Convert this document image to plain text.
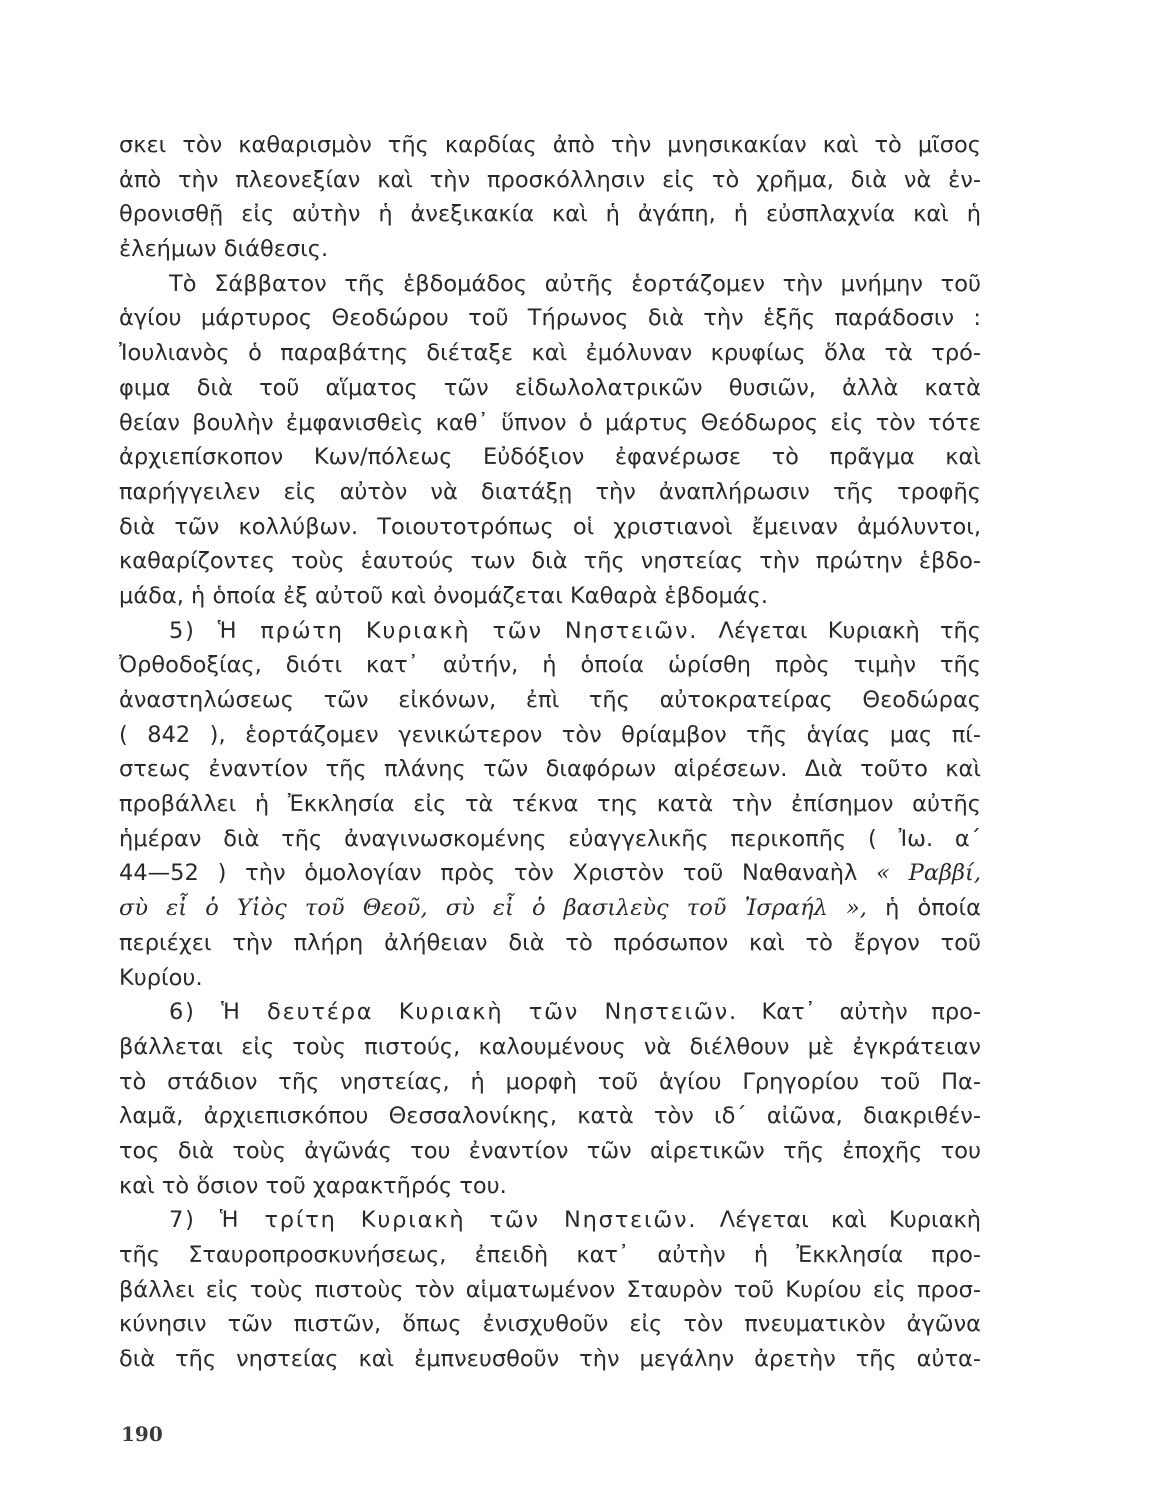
σκει τὸν καθαρισμὸν τῆς καρδίας ἀπὸ τὴν μνησικακίαν καὶ τὸ μῖσος
ἀπὸ τὴν πλεονεξίαν καὶ τὴν προσκόλλησιν εἰς τὸ χρῆμα, διὰ νὰ ἐν-
θρονισθῇ εἰς αὐτὴν ἡ ἀνεξικακία καὶ ἡ ἀγάπη, ἡ εὐσπλαχνία καὶ ἡ
ἐλεήμων διάθεσις.
Τὸ Σάββατον τῆς ἑβδομάδος αὐτῆς ἑορτάζομεν τὴν μνήμην τοῦ
ἁγίου μάρτυρος Θεοδώρου τοῦ Τήρωνος διὰ τὴν ἑξῆς παράδοσιν :
Ἰουλιανὸς ὁ παραβάτης διέταξε καὶ ἐμόλυναν κρυφίως ὅλα τὰ τρό-
φιμα διὰ τοῦ αἵματος τῶν εἰδωλολατρικῶν θυσιῶν, ἀλλὰ κατὰ
θείαν βουλὴν ἐμφανισθεὶς καθ᾽ ὕπνον ὁ μάρτυς Θεόδωρος εἰς τὸν τότε
ἀρχιεπίσκοπον Κων/πόλεως Εὐδόξιον ἐφανέρωσε τὸ πρᾶγμα καὶ
παρήγγειλεν εἰς αὐτὸν νὰ διατάξῃ τὴν ἀναπλήρωσιν τῆς τροφῆς
διὰ τῶν κολλύβων. Τοιουτοτρόπως οἱ χριστιανοὶ ἔμειναν ἀμόλυντοι,
καθαρίζοντες τοὺς ἑαυτούς των διὰ τῆς νηστείας τὴν πρώτην ἑβδο-
μάδα, ἡ ὁποία ἐξ αὐτοῦ καὶ ὀνομάζεται Καθαρὰ ἑβδομάς.
5) Ἡ πρώτη Κυριακὴ τῶν Νηστειῶν. Λέγεται Κυριακὴ τῆς
Ὀρθοδοξίας, διότι κατ᾽ αὐτήν, ἡ ὁποία ὡρίσθη πρὸς τιμὴν τῆς
ἀναστηλώσεως τῶν εἰκόνων, ἐπὶ τῆς αὐτοκρατείρας Θεοδώρας
( 842 ), ἑορτάζομεν γενικώτερον τὸν θρίαμβον τῆς ἁγίας μας πί-
στεως ἐναντίον τῆς πλάνης τῶν διαφόρων αἱρέσεων. Διὰ τοῦτο καὶ
προβάλλει ἡ Ἐκκλησία εἰς τὰ τέκνα της κατὰ τὴν ἐπίσημον αὐτῆς
ἡμέραν διὰ τῆς ἀναγινωσκομένης εὐαγγελικῆς περικοπῆς ( Ἰω. α΄
44—52 ) τὴν ὁμολογίαν πρὸς τὸν Χριστὸν τοῦ Ναθαναὴλ « Ραββί,
σὺ εἶ ὁ Υἱὸς τοῦ Θεοῦ, σὺ εἶ ὁ βασιλεὺς τοῦ Ἰσραήλ », ἡ ὁποία
περιέχει τὴν πλήρη ἀλήθειαν διὰ τὸ πρόσωπον καὶ τὸ ἔργον τοῦ
Κυρίου.
6) Ἡ δευτέρα Κυριακὴ τῶν Νηστειῶν. Κατ᾽ αὐτὴν προ-
βάλλεται εἰς τοὺς πιστούς, καλουμένους νὰ διέλθουν μὲ ἐγκράτειαν
τὸ στάδιον τῆς νηστείας, ἡ μορφὴ τοῦ ἁγίου Γρηγορίου τοῦ Πα-
λαμᾶ, ἀρχιεπισκόπου Θεσσαλονίκης, κατὰ τὸν ιδ΄ αἰῶνα, διακριθέν-
τος διὰ τοὺς ἀγῶνάς του ἐναντίον τῶν αἱρετικῶν τῆς ἐποχῆς του
καὶ τὸ ὅσιον τοῦ χαρακτῆρός του.
7) Ἡ τρίτη Κυριακὴ τῶν Νηστειῶν. Λέγεται καὶ Κυριακὴ
τῆς Σταυροπροσκυνήσεως, ἐπειδὴ κατ᾽ αὐτὴν ἡ Ἐκκλησία προ-
βάλλει εἰς τοὺς πιστοὺς τὸν αἱματωμένον Σταυρὸν τοῦ Κυρίου εἰς προσ-
κύνησιν τῶν πιστῶν, ὅπως ἐνισχυθοῦν εἰς τὸν πνευματικὸν ἀγῶνα
διὰ τῆς νηστείας καὶ ἐμπνευσθοῦν τὴν μεγάλην ἀρετὴν τῆς αὐτα-
190
